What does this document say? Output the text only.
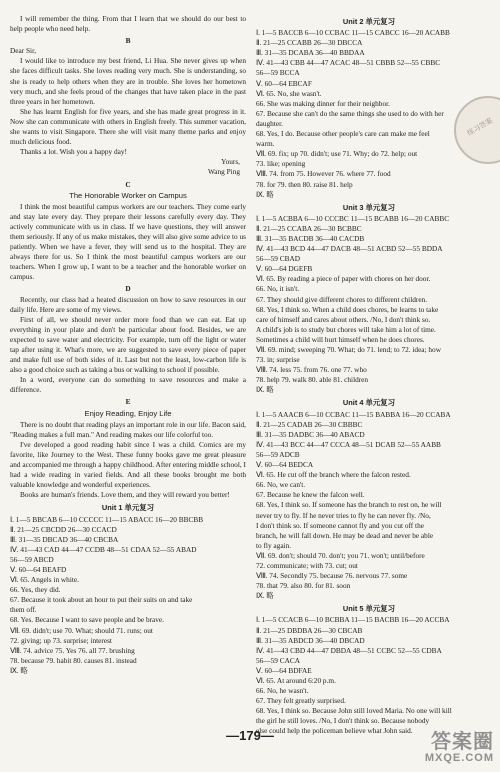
I will remember the thing. From that I learn that we should do our best to help people who need help.

B

Dear Sir,

I would like to introduce my best friend, Li Hua. She never gives up when she faces difficult tasks. She loves reading very much. She is understanding, so she is ready to help others when they are in trouble. She loves her hometown very much, and she feels proud of the changes that have taken place in the past three years in her hometown.

She has learnt English for five years, and she has made great progress in it. Now she can communicate with others in English freely. This summer vacation, she wants to visit Singapore. There she will visit many theme parks and enjoy much delicious food.

Thanks a lot. Wish you a happy day!

Yours,

Wang Ping

C
The Honorable Worker on Campus

I think the most beautiful campus workers are our teachers. They come early and stay late every day. They prepare their lessons carefully every day. They actively communicate with us in class. If we have questions, they will answer them seriously. If any of us make mistakes, they will also give some advice to us patiently. When we have a fever, they will send us to the hospital. They are always there for us. So I think the most beautiful campus workers are our teachers. When I grow up, I want to be a teacher and the honorable worker on campus.

D

Recently, our class had a heated discussion on how to save resources in our daily life. Here are some of my views.

First of all, we should never order more food than we can eat. Eat up everything in your plate and don't be particular about food. Besides, we are expected to save water and electricity. For example, turn off the light or water tap after using it. What's more, we are suggested to save every piece of paper and make full use of both sides of it. Last but not the least, low-carbon life is also a good choice such as taking a bus or walking to school if possible.

In a word, everyone can do something to save resources and make a difference.

E
Enjoy Reading, Enjoy Life

There is no doubt that reading plays an important role in our life. Bacon said, "Reading makes a full man." And reading makes our life colorful too.

I've developed a good reading habit since I was a child. Comics are my favorite, like Journey to the West. These funny books gave me great pleasure and accompanied me through a happy childhood. After entering middle school, I had a wide reading in varied fields. And all these books brought me both valuable knowledge and wonderful experiences.

Books are human's friends. Love them, and they will reward you better!

Unit 1 单元复习
Ⅰ. 1—5 BBCAB 6—10 CCCCC 11—15 ABACC 16—20 BBCBB
Ⅱ. 21—25 CBCDD 26—30 CCACD
Ⅲ. 31—35 DBCAD 36—40 CBCBA
Ⅳ. 41—43 CAD 44—47 CCDB 48—51 CDAA 52—55 ABAD
56—59 ABCD
Ⅴ. 60—64 BEAFD
Ⅵ. 65. Angels in white.
66. Yes, they did.
67. Because it took about an hour to put their suits on and take
them off.
68. Yes. Because I want to save people and be brave.
Ⅶ. 69. didn't; use 70. What; should 71. runs; out
72. giving; up 73. surprise; interest
Ⅷ. 74. advice 75. Yes 76. all 77. brushing
78. because 79. habit 80. causes 81. instead
Ⅸ. 略
Unit 2 单元复习
Ⅰ. 1—5 BACCB 6—10 CCBAC 11—15 CABCC 16—20 ACABB
Ⅱ. 21—25 CCABB 26—30 DBCCA
Ⅲ. 31—35 DCABA 36—40 BBDAA
Ⅳ. 41—43 CBB 44—47 ACAC 48—51 CBBB 52—55 CBBC
56—59 BCCA
Ⅴ. 60—64 EBCAF
Ⅵ. 65. No, she wasn't.
66. She was making dinner for their neighbor.
67. Because she can't do the same things she used to do with her
daughter.
68. Yes, I do. Because other people's care can make me feel
warm.
Ⅶ. 69. fix; up 70. didn't; use 71. Why; do 72. help; out
73. like; opening
Ⅷ. 74. from 75. However 76. where 77. food
78. for 79. then 80. raise 81. help
Ⅸ. 略
Unit 3 单元复习
Ⅰ. 1—5 ACBBA 6—10 CCCBC 11—15 BCABB 16—20 CABBC
Ⅱ. 21—25 CCABA 26—30 BCBBC
Ⅲ. 31—35 BACDB 36—40 CACDB
Ⅳ. 41—43 BCD 44—47 DACB 48—51 ACBD 52—55 BDDA
56—59 CBAD
Ⅴ. 60—64 DGEFB
Ⅵ. 65. By reading a piece of paper with chores on her door.
66. No, it isn't.
67. They should give different chores to different children.
68. Yes, I think so. When a child does chores, he learns to take
care of himself and cares about others. /No, I don't think so.
A child's job is to study but chores will take him a lot of time.
Sometimes a child will hurt himself when he does chores.
Ⅶ. 69. mind; sweeping 70. What; do 71. lend; to 72. idea; how
73. in; surprise
Ⅷ. 74. less 75. from 76. one 77. who
78. help 79. walk 80. able 81. children
Ⅸ. 略
Unit 4 单元复习
Ⅰ. 1—5 AAACB 6—10 CCBAC 11—15 BABBA 16—20 CCABA
Ⅱ. 21—25 CADAB 26—30 CBBBC
Ⅲ. 31—35 DADBC 36—40 ABACD
Ⅳ. 41—43 BCC 44—47 CCCA 48—51 DCAB 52—55 AABB
56—59 ADCB
Ⅴ. 60—64 BEDCA
Ⅵ. 65. He cut off the branch where the falcon rested.
66. No, we can't.
67. Because he knew the falcon well.
68. Yes, I think so. If someone has the branch to rest on, he will
never try to fly. If he never tries to fly he can never fly. /No,
I don't think so. If someone cannot fly and you cut off the
branch, he will fall down. He may be dead and never be able
to fly again.
Ⅶ. 69. don't; should 70. don't; you 71. won't; until/before
72. communicate; with 73. cut; out
Ⅷ. 74. Secondly 75. because 76. nervous 77. some
78. that 79. also 80. for 81. soon
Ⅸ. 略
Unit 5 单元复习
Ⅰ. 1—5 CCACB 6—10 BCBBA 11—15 BACBB 16—20 ACCBA
Ⅱ. 21—25 DBDBA 26—30 CBCAB
Ⅲ. 31—35 ABDCD 36—40 DBCAD
Ⅳ. 41—43 CBD 44—47 DBDA 48—51 CCBC 52—55 CDBA
56—59 CACA
Ⅴ. 60—64 BDFAE
Ⅵ. 65. At around 6:20 p.m.
66. No, he wasn't.
67. They felt greatly surprised.
68. Yes, I think so. Because John still loved Maria. No one will kill
the girl he still loves. /No, I don't think so. Because nobody
else could help the policeman believe what John said.
练习答案
—179—	答案圈
MXQE.COM
